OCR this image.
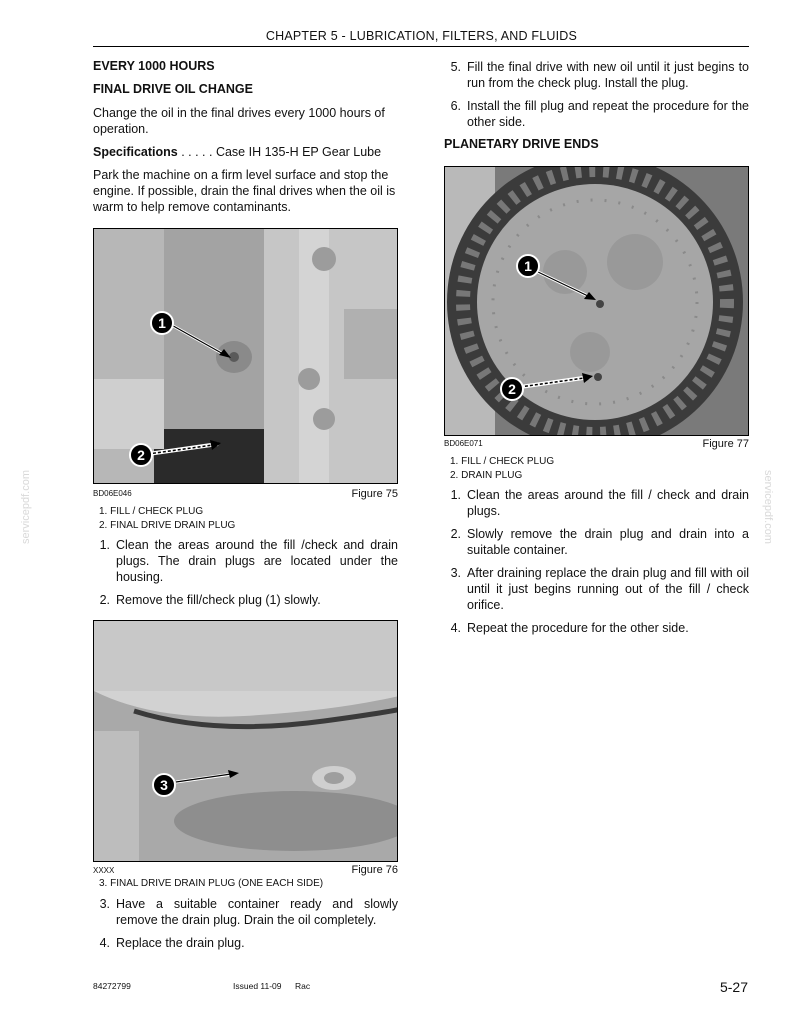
CHAPTER 5 - LUBRICATION, FILTERS, AND FLUIDS
servicepdf.com	servicepdf.com
EVERY 1000 HOURS
FINAL DRIVE OIL CHANGE
Change the oil in the final drives every 1000 hours of operation.
Specifications . . . . . Case IH 135-H EP Gear Lube
Park the machine on a firm level surface and stop the engine. If possible, drain the final drives when the oil is warm to help remove contaminants.
1
2
BD06E046	Figure 75
1. FILL / CHECK PLUG
2. FINAL DRIVE DRAIN PLUG
1. Clean the areas around the fill /check and drain plugs. The drain plugs are located under the housing.
2. Remove the fill/check plug (1) slowly.
3
XXXX	Figure 76
3. FINAL DRIVE DRAIN PLUG (ONE EACH SIDE)
3. Have a suitable container ready and slowly remove the drain plug. Drain the oil completely.
4. Replace the drain plug.
5. Fill the final drive with new oil until it just begins to run from the check plug. Install the plug.
6. Install the fill plug and repeat the procedure for the other side.
PLANETARY DRIVE ENDS
1
2
BD06E071	Figure 77
1. FILL / CHECK PLUG
2. DRAIN PLUG
1. Clean the areas around the fill / check and drain plugs.
2. Slowly remove the drain plug and drain into a suitable container.
3. After draining replace the drain plug and fill with oil until it just begins running out of the fill / check orifice.
4. Repeat the procedure for the other side.
84272799	Issued 11-09 Rac	5-27
